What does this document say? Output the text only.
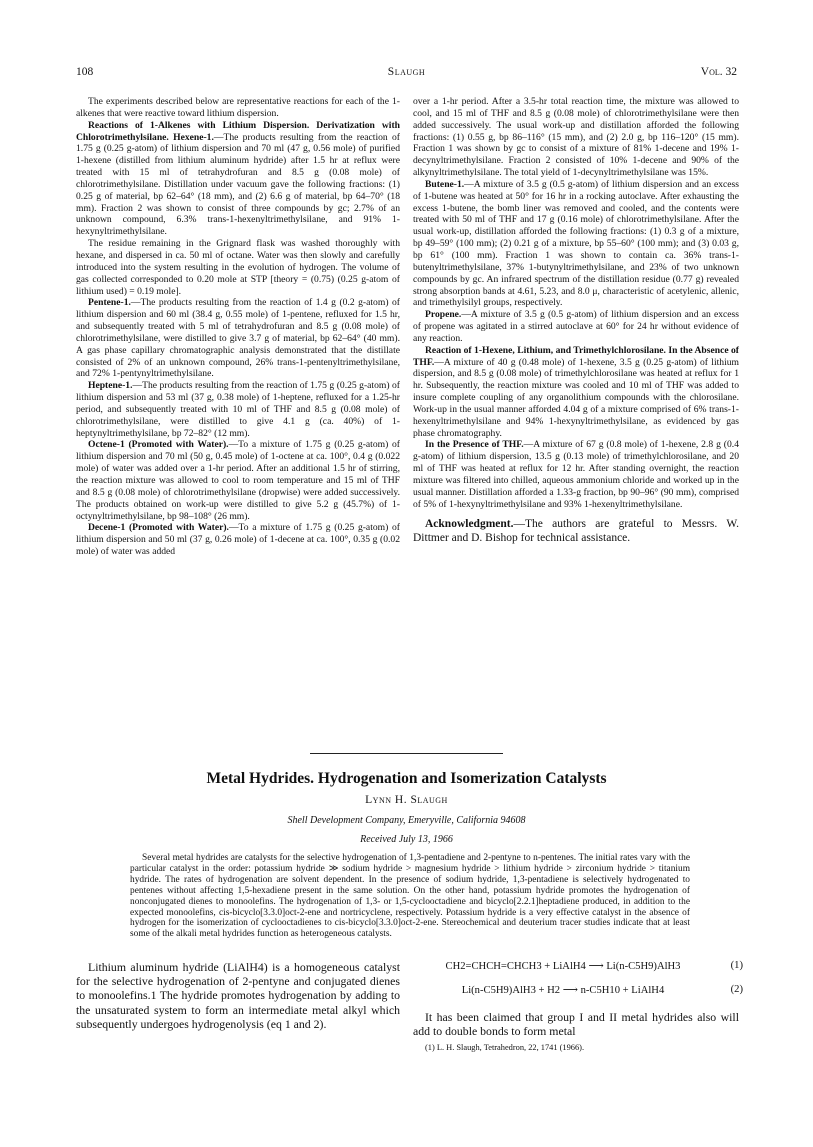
108	Slaugh	Vol. 32

The experiments described below are representative reactions for each of the 1-alkenes that were reactive toward lithium dispersion.

Reactions of 1-Alkenes with Lithium Dispersion. Derivatization with Chlorotrimethylsilane. Hexene-1.—The products resulting from the reaction of 1.75 g (0.25 g-atom) of lithium dispersion and 70 ml (47 g, 0.56 mole) of purified 1-hexene (distilled from lithium aluminum hydride) after 1.5 hr at reflux were treated with 15 ml of tetrahydrofuran and 8.5 g (0.08 mole) of chlorotrimethylsilane. Distillation under vacuum gave the following fractions: (1) 0.25 g of material, bp 62–64° (18 mm), and (2) 6.6 g of material, bp 64–70° (18 mm). Fraction 2 was shown to consist of three compounds by gc; 2.7% of an unknown compound, 6.3% trans-1-hexenyltrimethylsilane, and 91% 1-hexynyltrimethylsilane.

The residue remaining in the Grignard flask was washed thoroughly with hexane, and dispersed in ca. 50 ml of octane. Water was then slowly and carefully introduced into the system resulting in the evolution of hydrogen. The volume of gas collected corresponded to 0.20 mole at STP [theory = (0.75) (0.25 g-atom of lithium used) = 0.19 mole].

Pentene-1.—The products resulting from the reaction of 1.4 g (0.2 g-atom) of lithium dispersion and 60 ml (38.4 g, 0.55 mole) of 1-pentene, refluxed for 1.5 hr, and subsequently treated with 5 ml of tetrahydrofuran and 8.5 g (0.08 mole) of chlorotrimethylsilane, were distilled to give 3.7 g of material, bp 62–64° (40 mm). A gas phase capillary chromatographic analysis demonstrated that the distillate consisted of 2% of an unknown compound, 26% trans-1-pentenyltrimethylsilane, and 72% 1-pentynyltrimethylsilane.

Heptene-1.—The products resulting from the reaction of 1.75 g (0.25 g-atom) of lithium dispersion and 53 ml (37 g, 0.38 mole) of 1-heptene, refluxed for a 1.25-hr period, and subsequently treated with 10 ml of THF and 8.5 g (0.08 mole) of chlorotrimethylsilane, were distilled to give 4.1 g (ca. 40%) of 1-heptynyltrimethylsilane, bp 72–82° (12 mm).

Octene-1 (Promoted with Water).—To a mixture of 1.75 g (0.25 g-atom) of lithium dispersion and 70 ml (50 g, 0.45 mole) of 1-octene at ca. 100°, 0.4 g (0.022 mole) of water was added over a 1-hr period. After an additional 1.5 hr of stirring, the reaction mixture was allowed to cool to room temperature and 15 ml of THF and 8.5 g (0.08 mole) of chlorotrimethylsilane (dropwise) were added successively. The products obtained on work-up were distilled to give 5.2 g (45.7%) of 1-octynyltrimethylsilane, bp 98–108° (26 mm).

Decene-1 (Promoted with Water).—To a mixture of 1.75 g (0.25 g-atom) of lithium dispersion and 50 ml (37 g, 0.26 mole) of 1-decene at ca. 100°, 0.35 g (0.02 mole) of water was added

over a 1-hr period. After a 3.5-hr total reaction time, the mixture was allowed to cool, and 15 ml of THF and 8.5 g (0.08 mole) of chlorotrimethylsilane were then added successively. The usual work-up and distillation afforded the following fractions: (1) 0.55 g, bp 86–116° (15 mm), and (2) 2.0 g, bp 116–120° (15 mm). Fraction 1 was shown by gc to consist of a mixture of 81% 1-decene and 19% 1-decynyltrimethylsilane. Fraction 2 consisted of 10% 1-decene and 90% of the alkynyltrimethylsilane. The total yield of 1-decynyltrimethylsilane was 15%.

Butene-1.—A mixture of 3.5 g (0.5 g-atom) of lithium dispersion and an excess of 1-butene was heated at 50° for 16 hr in a rocking autoclave. After exhausting the excess 1-butene, the bomb liner was removed and cooled, and the contents were treated with 50 ml of THF and 17 g (0.16 mole) of chlorotrimethylsilane. After the usual work-up, distillation afforded the following fractions: (1) 0.3 g of a mixture, bp 49–59° (100 mm); (2) 0.21 g of a mixture, bp 55–60° (100 mm); and (3) 0.03 g, bp 61° (100 mm). Fraction 1 was shown to contain ca. 36% trans-1-butenyltrimethylsilane, 37% 1-butynyltrimethylsilane, and 23% of two unknown compounds by gc. An infrared spectrum of the distillation residue (0.77 g) revealed strong absorption bands at 4.61, 5.23, and 8.0 μ, characteristic of acetylenic, allenic, and trimethylsilyl groups, respectively.

Propene.—A mixture of 3.5 g (0.5 g-atom) of lithium dispersion and an excess of propene was agitated in a stirred autoclave at 60° for 24 hr without evidence of any reaction.

Reaction of 1-Hexene, Lithium, and Trimethylchlorosilane. In the Absence of THF.—A mixture of 40 g (0.48 mole) of 1-hexene, 3.5 g (0.25 g-atom) of lithium dispersion, and 8.5 g (0.08 mole) of trimethylchlorosilane was heated at reflux for 1 hr. Subsequently, the reaction mixture was cooled and 10 ml of THF was added to insure complete coupling of any organolithium compounds with the chlorosilane. Work-up in the usual manner afforded 4.04 g of a mixture comprised of 6% trans-1-hexenyltrimethylsilane and 94% 1-hexynyltrimethylsilane, as evidenced by gas phase chromatography.

In the Presence of THF.—A mixture of 67 g (0.8 mole) of 1-hexene, 2.8 g (0.4 g-atom) of lithium dispersion, 13.5 g (0.13 mole) of trimethylchlorosilane, and 20 ml of THF was heated at reflux for 12 hr. After standing overnight, the reaction mixture was filtered into chilled, aqueous ammonium chloride and worked up in the usual manner. Distillation afforded a 1.33-g fraction, bp 90–96° (90 mm), comprised of 5% of 1-hexynyltrimethylsilane and 93% 1-hexenyltrimethylsilane.

Acknowledgment.—The authors are grateful to Messrs. W. Dittmer and D. Bishop for technical assistance.

Metal Hydrides. Hydrogenation and Isomerization Catalysts
Lynn H. Slaugh
Shell Development Company, Emeryville, California 94608
Received July 13, 1966

Several metal hydrides are catalysts for the selective hydrogenation of 1,3-pentadiene and 2-pentyne to n-pentenes. The initial rates vary with the particular catalyst in the order: potassium hydride ≫ sodium hydride > magnesium hydride > lithium hydride > zirconium hydride > titanium hydride. The rates of hydrogenation are solvent dependent. In the presence of sodium hydride, 1,3-pentadiene is selectively hydrogenated to pentenes without affecting 1,5-hexadiene present in the same solution. On the other hand, potassium hydride promotes the hydrogenation of nonconjugated dienes to monoolefins. The hydrogenation of 1,3- or 1,5-cyclooctadiene and bicyclo[2.2.1]heptadiene produced, in addition to the expected monoolefins, cis-bicyclo[3.3.0]oct-2-ene and nortricyclene, respectively. Potassium hydride is a very effective catalyst in the absence of hydrogen for the isomerization of cyclooctadienes to cis-bicyclo[3.3.0]oct-2-ene. Stereochemical and deuterium tracer studies indicate that at least some of the alkali metal hydrides function as heterogeneous catalysts.

Lithium aluminum hydride (LiAlH4) is a homogeneous catalyst for the selective hydrogenation of 2-pentyne and conjugated dienes to monoolefins.1 The hydride promotes hydrogenation by adding to the unsaturated system to form an intermediate metal alkyl which subsequently undergoes hydrogenolysis (eq 1 and 2).

CH2=CHCH=CHCH3 + LiAlH4 ⟶ Li(n-C5H9)AlH3	(1)
Li(n-C5H9)AlH3 + H2 ⟶ n-C5H10 + LiAlH4	(2)

It has been claimed that group I and II metal hydrides also will add to double bonds to form metal

(1) L. H. Slaugh, Tetrahedron, 22, 1741 (1966).
